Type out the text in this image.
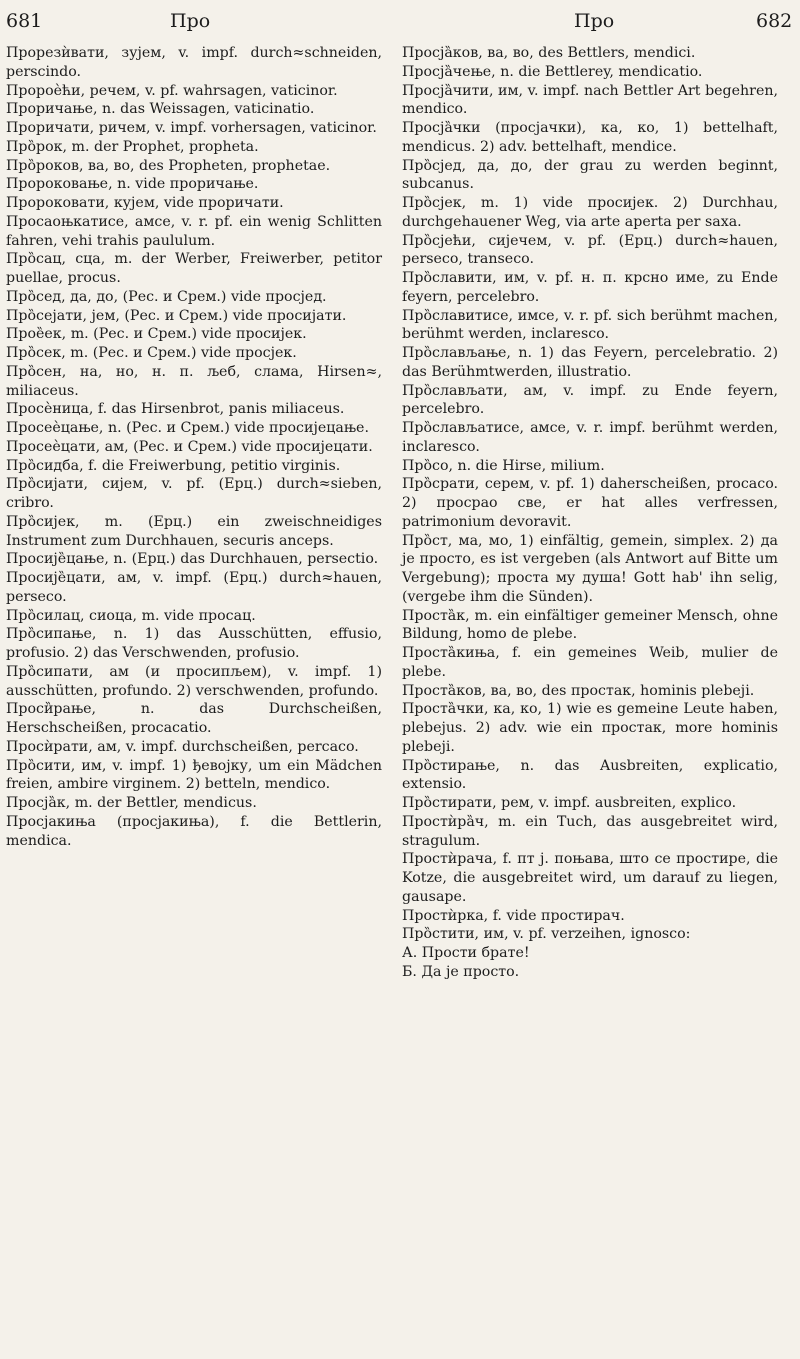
681	Про	Про	682

Прорезѝвати, зујем, v. impf. durch≈schneiden, perscindo.

Пророѐћи, речем, v. pf. wahrsagen, vaticinor.

Проричање, n. das Weissagen, vaticinatio.

Проричати, ричем, v. impf. vorhersagen, vaticinor.

Про̏рок, m. der Prophet, propheta.

Про̏роков, ва, во, des Propheten, prophetae.

Пророковање, n. vide проричање.

Пророковати, кујем, vide проричати.

Просаоњкатисе, амсе, v. r. pf. ein wenig Schlitten fahren, vehi trahis paululum.

Про̏сац, сца, m. der Werber, Freiwerber, petitor puellae, procus.

Про̏сед, да, до, (Рес. и Срем.) vide просјед.

Про̏сејати, јем, (Рес. и Срем.) vide просијати.

Прое̏ек, m. (Рес. и Срем.) vide просијек.

Про̏сек, m. (Рес. и Срем.) vide просјек.

Про̏сен, на, но, н. п. љеб, слама, Hirsen≈, miliaceus.

Просѐница, f. das Hirsenbrot, panis miliaceus.

Просеѐцање, n. (Рес. и Срем.) vide просијецање.

Просеѐцати, ам, (Рес. и Срем.) vide просијецати.

Про̏сидба, f. die Freiwerbung, petitio virginis.

Про̏сијати, сијем, v. pf. (Ерц.) durch≈sieben, cribro.

Про̏сијек, m. (Ерц.) ein zweischneidiges Instrument zum Durchhauen, securis anceps.

Просије̏цање, n. (Ерц.) das Durchhauen, persectio.

Просије̏цати, ам, v. impf. (Ерц.) durch≈hauen, perseco.

Про̏силац, сиоца, m. vide просац.

Про̏сипање, n. 1) das Ausschütten, effusio, profusio. 2) das Verschwenden, profusio.

Про̏сипати, ам (и просипљем), v. impf. 1) ausschütten, profundo. 2) verschwenden, profundo.

Проси̏рање,	n. das Durchscheißen, Herschscheißen, procacatio.

Просѝрати, ам, v. impf. durchscheißen, percaco.

Про̏сити, им, v. impf. 1) ђевојку, um ein Mädchen freien, ambire virginem. 2) betteln, mendico.

Просја̏к, m. der Bettler, mendicus.

Просјакиња (просјакиња), f. die Bettlerin, mendica.

Просја̏ков, ва, во, des Bettlers, mendici.

Просја̏чење, n. die Bettlerey, mendicatio.

Просја̏чити, им, v. impf. nach Bettler Art begehren, mendico.

Просја̏чки (просјачки), ка, ко, 1) bettelhaft, mendicus. 2) adv. bettelhaft, mendice.

Про̏сјед, да, до, der grau zu werden beginnt, subcanus.

Про̏сјек, m. 1) vide просијек. 2) Durchhau, durchgehauener Weg, via arte aperta per saxa.

Про̏сјећи, сијечем, v. pf. (Ерц.) durch≈hauen, perseco, transeco.

Про̏славити, им, v. pf. н. п. крсно име, zu Ende feyern, percelebro.

Про̏славитисе, имсе, v. r. pf. sich berühmt machen, berühmt werden, inclaresco.

Про̏слављање, n. 1) das Feyern, percelebratio. 2) das Berühmtwerden, illustratio.

Про̏слављати, ам, v. impf. zu Ende feyern, percelebro.

Про̏слављатисе, амсе, v. r. impf. berühmt werden, inclaresco.

Про̏со, n. die Hirse, milium.

Про̏срати, серем, v. pf. 1) daherscheißen, procaco. 2) просрао све, er hat alles verfressen, patrimonium devoravit.

Про̏ст, ма, мо, 1) einfältig, gemein, simplex. 2) да је просто, es ist vergeben (als Antwort auf Bitte um Vergebung); проста му душа! Gott hab' ihn selig, (vergebe ihm die Sünden).

Проста̏к, m. ein einfältiger gemeiner Mensch, ohne Bildung, homo de plebe.

Проста̏киња, f. ein gemeines Weib, mulier de plebe.

Проста̏ков, ва, во, des простак, hominis plebeji.

Проста̏чки, ка, ко, 1) wie es gemeine Leute haben, plebejus. 2) adv. wie ein простак, more hominis plebeji.

Про̏стирање, n. das Ausbreiten, explicatio, extensio.

Про̏стирати, рем, v. impf. ausbreiten, explico.

Простѝра̏ч, m. ein Tuch, das ausgebreitet wird, stragulum.

Простѝрача, f. пт ј. поњава, што се простире, die Kotze, die ausgebreitet wird, um darauf zu liegen, gausape.

Простѝрка, f. vide простирач.

Про̏стити, им, v. pf. verzeihen, ignosco:

А. Прости брате!

Б. Да је просто.
